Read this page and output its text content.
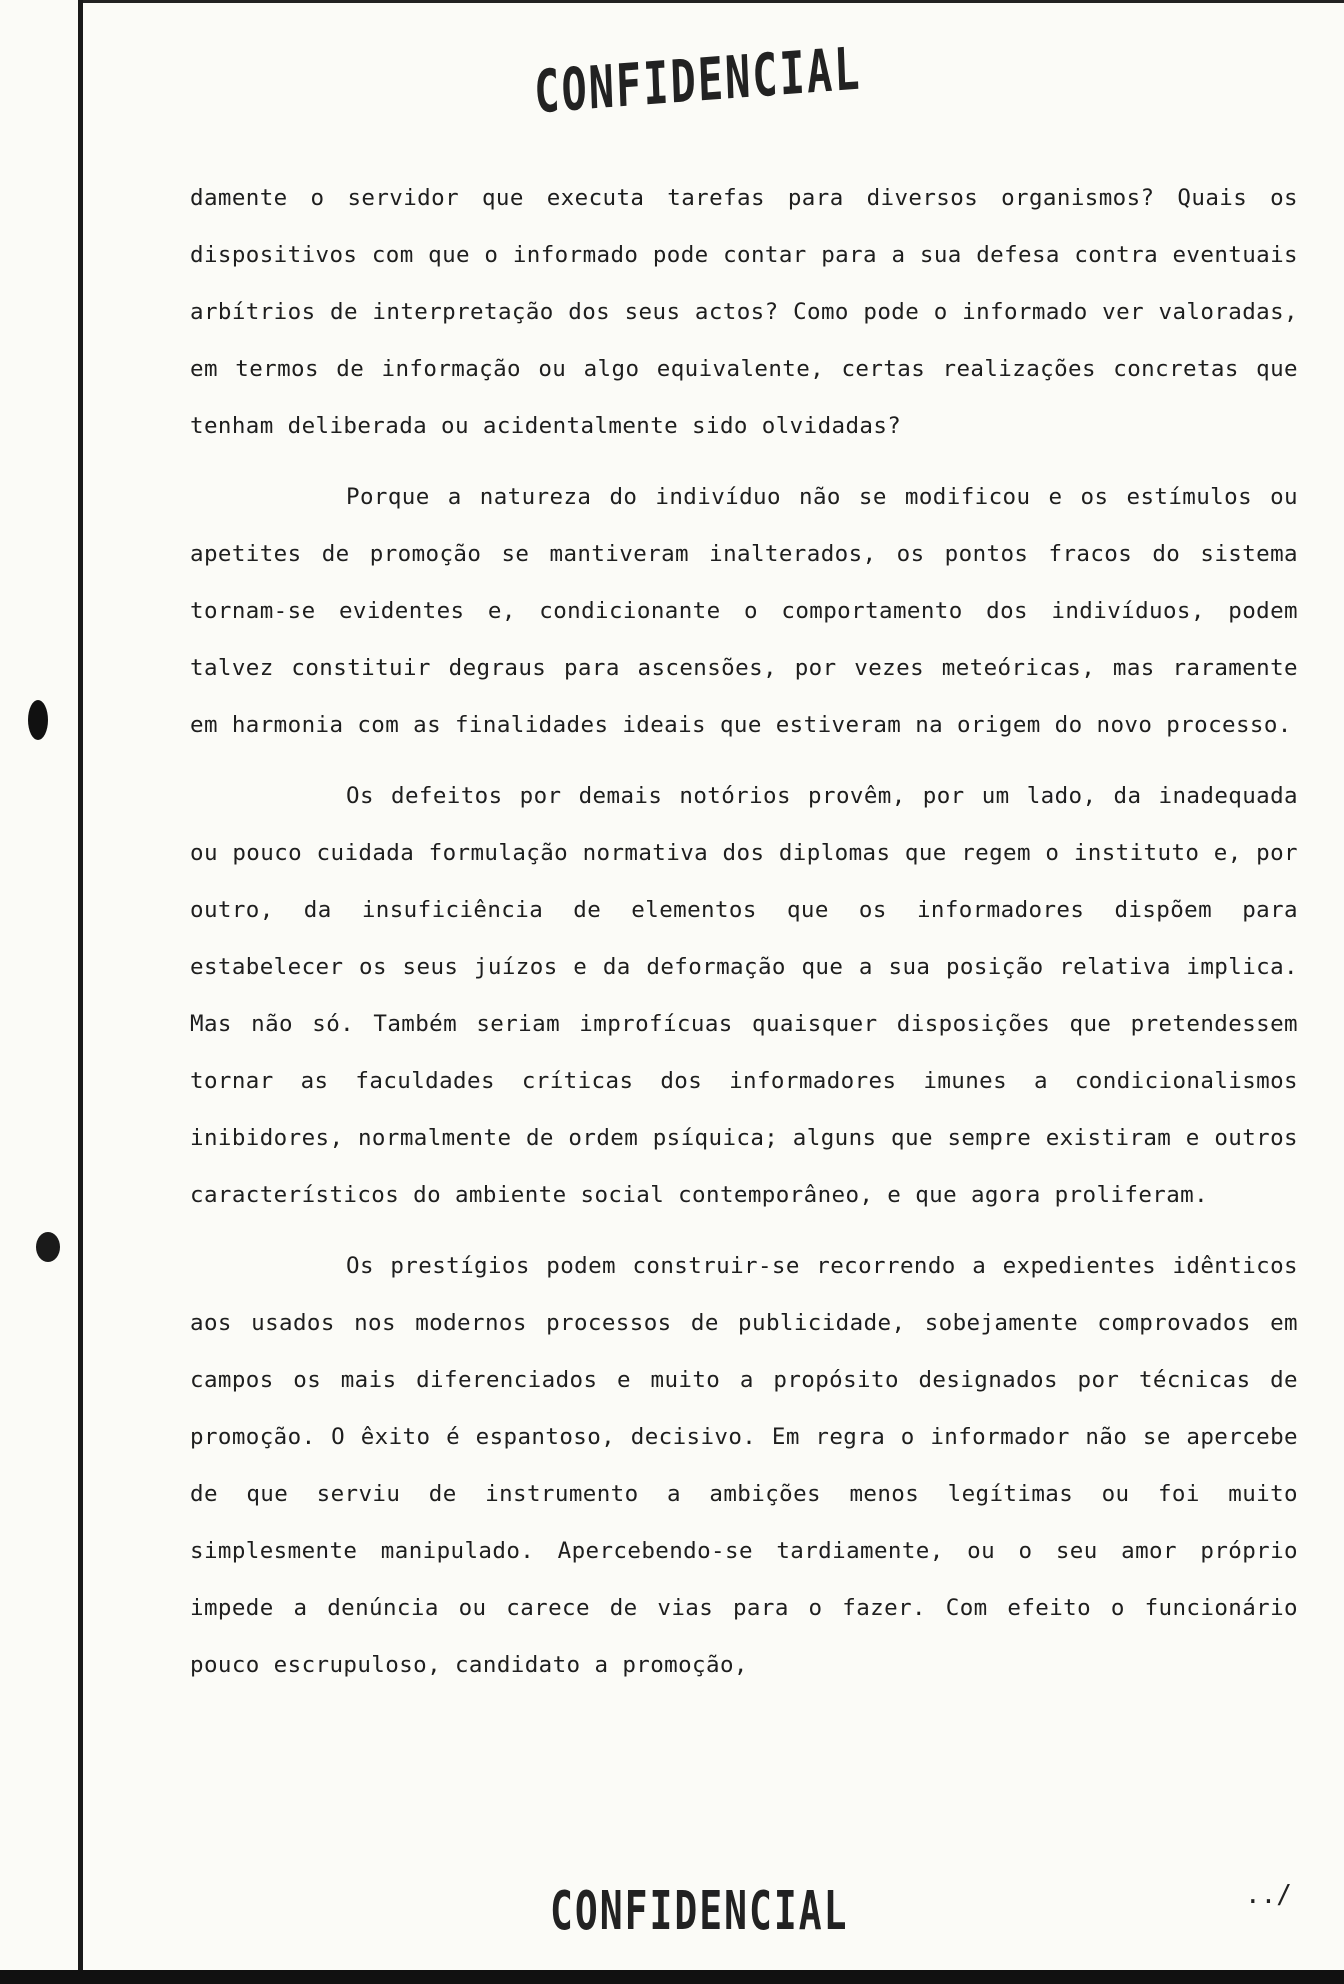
CONFIDENCIAL

damente o servidor que executa tarefas para diversos organismos? Quais os dispositivos com que o informado pode contar para a sua defesa contra eventuais arbítrios de interpretação dos seus actos? Como pode o informado ver valoradas, em termos de informação ou algo equivalente, certas realizações concretas que tenham deliberada ou acidentalmente sido olvidadas?

Porque a natureza do indivíduo não se modificou e os estímulos ou apetites de promoção se mantiveram inalterados, os pontos fracos do sistema tornam-se evidentes e, condicionante o comportamento dos indivíduos, podem talvez constituir degraus para ascensões, por vezes meteóricas, mas raramente em harmonia com as finalidades ideais que estiveram na origem do novo processo.

Os defeitos por demais notórios provêm, por um lado, da inadequada ou pouco cuidada formulação normativa dos diplomas que regem o instituto e, por outro, da insuficiência de elementos que os informadores dispõem para estabelecer os seus juízos e da deformação que a sua posição relativa implica. Mas não só. Também seriam improfícuas quaisquer disposições que pretendessem tornar as faculdades críticas dos informadores imunes a condicionalismos inibidores, normalmente de ordem psíquica; alguns que sempre existiram e outros característicos do ambiente social contemporâneo, e que agora proliferam.

Os prestígios podem construir-se recorrendo a expedientes idênticos aos usados nos modernos processos de publicidade, sobejamente comprovados em campos os mais diferenciados e muito a propósito designados por técnicas de promoção. O êxito é espantoso, decisivo. Em regra o informador não se apercebe de que serviu de instrumento a ambições menos legítimas ou foi muito simplesmente manipulado. Apercebendo-se tardiamente, ou o seu amor próprio impede a denúncia ou carece de vias para o fazer. Com efeito o funcionário pouco escrupuloso, candidato a promoção,

CONFIDENCIAL	../
